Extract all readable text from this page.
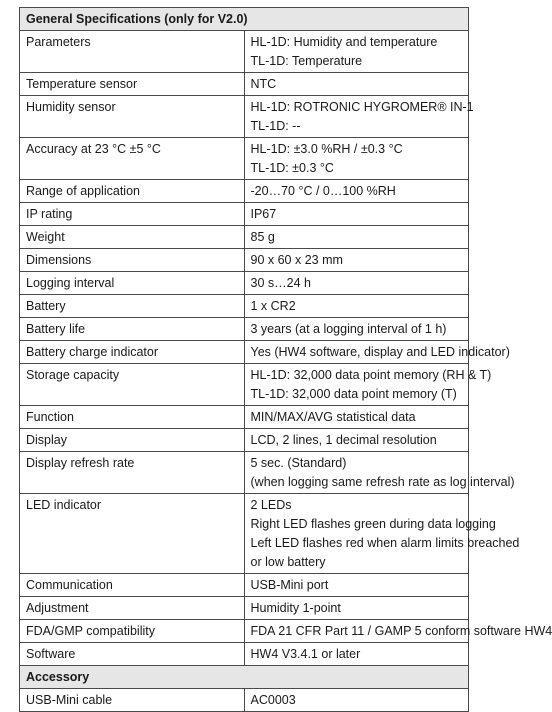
General Specifications (only for V2.0)	
Parameters	HL-1D: Humidity and temperature
TL-1D: Temperature

Temperature sensor	NTC

Humidity sensor	HL-1D: ROTRONIC HYGROMER® IN-1
TL-1D: --

Accuracy at 23 °C ±5 °C	HL-1D: ±3.0 %RH / ±0.3 °C
TL-1D: ±0.3 °C

Range of application	-20…70 °C / 0…100 %RH

IP rating	IP67

Weight	85 g

Dimensions	90 x 60 x 23 mm

Logging interval	30 s…24 h

Battery	1 x CR2

Battery life	3 years (at a logging interval of 1 h)

Battery charge indicator	Yes (HW4 software, display and LED indicator)

Storage capacity	HL-1D: 32,000 data point memory (RH & T)
TL-1D: 32,000 data point memory (T)

Function	MIN/MAX/AVG statistical data

Display	LCD, 2 lines, 1 decimal resolution

Display refresh rate	5 sec. (Standard)
(when logging same refresh rate as log interval)

LED indicator	2 LEDs
Right LED flashes green during data logging
Left LED flashes red when alarm limits breached
or low battery

Communication	USB-Mini port

Adjustment	Humidity 1-point

FDA/GMP compatibility	FDA 21 CFR Part 11 / GAMP 5 conform software HW4

Software	HW4 V3.4.1 or later

Accessory	
USB-Mini cable	AC0003
